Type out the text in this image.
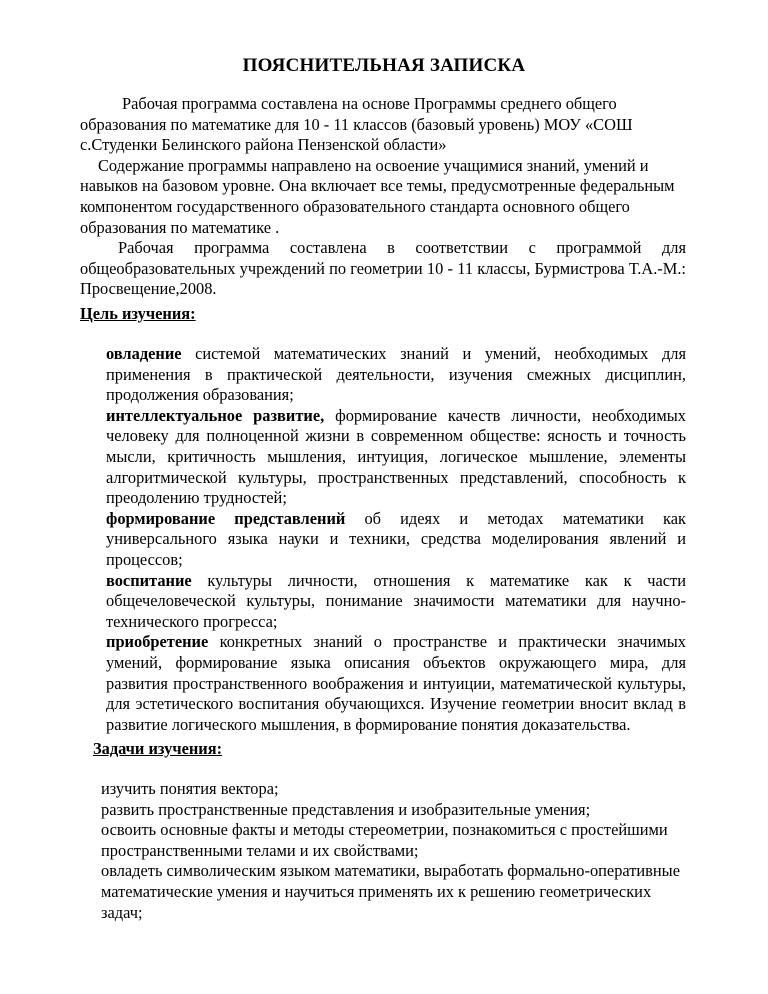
ПОЯСНИТЕЛЬНАЯ ЗАПИСКА

Рабочая программа составлена на основе Программы среднего общего образования по математике для 10 - 11 классов (базовый уровень) МОУ «СОШ с.Студенки Белинского района Пензенской области»

Содержание программы направлено на освоение учащимися знаний, умений и навыков на базовом уровне. Она включает все темы, предусмотренные федеральным компонентом государственного образовательного стандарта основного общего образования по математике .

Рабочая программа составлена в соответствии с программой для общеобразовательных учреждений по геометрии 10 - 11 классы, Бурмистрова Т.А.-М.: Просвещение,2008.

Цель изучения:

овладение системой математических знаний и умений, необходимых для применения в практической деятельности, изучения смежных дисциплин, продолжения образования;

интеллектуальное развитие, формирование качеств личности, необходимых человеку для полноценной жизни в современном обществе: ясность и точность мысли, критичность мышления, интуиция, логическое мышление, элементы алгоритмической культуры, пространственных представлений, способность к преодолению трудностей;

формирование представлений об идеях и методах математики как универсального языка науки и техники, средства моделирования явлений и процессов;

воспитание культуры личности, отношения к математике как к части общечеловеческой культуры, понимание значимости математики для научно-технического прогресса;

приобретение конкретных знаний о пространстве и практически значимых умений, формирование языка описания объектов окружающего мира, для развития пространственного воображения и интуиции, математической культуры, для эстетического воспитания обучающихся. Изучение геометрии вносит вклад в развитие логического мышления, в формирование понятия доказательства.

Задачи изучения:

изучить понятия вектора;

развить пространственные представления и изобразительные умения;

освоить основные факты и методы стереометрии, познакомиться с простейшими пространственными телами и их свойствами;

овладеть символическим языком математики, выработать формально-оперативные математические умения и научиться применять их к решению геометрических задач;
